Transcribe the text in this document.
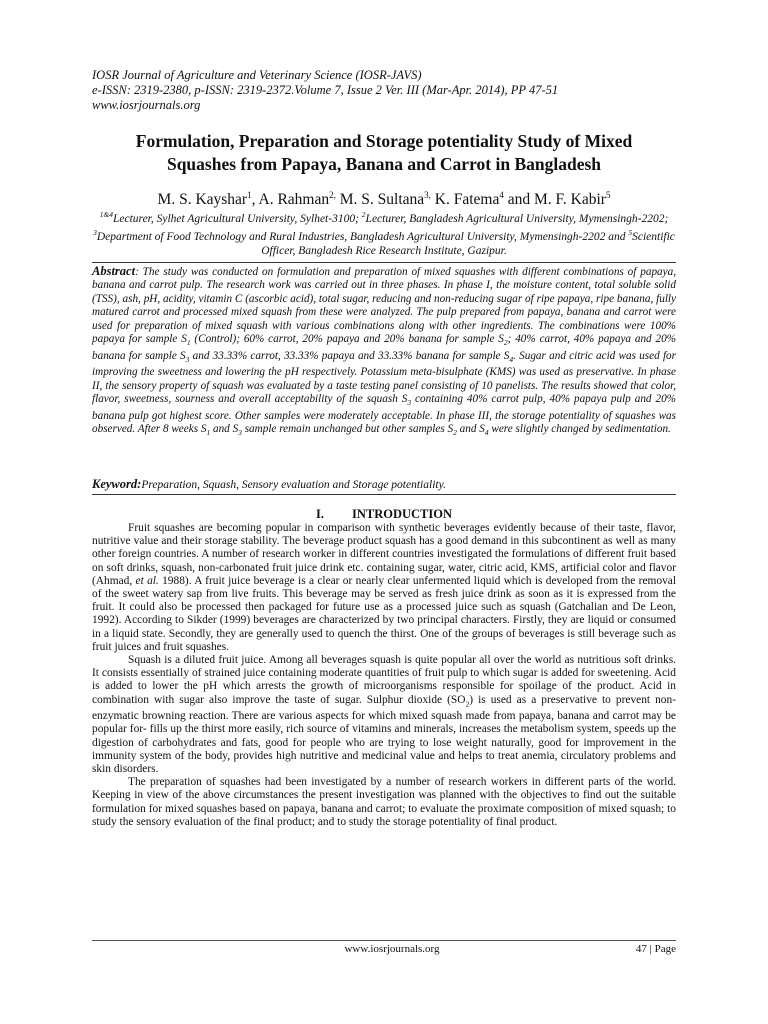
IOSR Journal of Agriculture and Veterinary Science (IOSR-JAVS)
e-ISSN: 2319-2380, p-ISSN: 2319-2372.Volume 7, Issue 2 Ver. III (Mar-Apr. 2014), PP 47-51
www.iosrjournals.org
Formulation, Preparation and Storage potentiality Study of Mixed
Squashes from Papaya, Banana and Carrot in Bangladesh
M. S. Kayshar$^1$, A. Rahman$^{2,}$ M. S. Sultana$^{3,}$ K. Fatema$^4$ and M. F. Kabir$^5$
$^{1\&4}$Lecturer, Sylhet Agricultural University, Sylhet-3100; $^2$Lecturer, Bangladesh Agricultural University, Mymensingh-2202; $^3$Department of Food Technology and Rural Industries, Bangladesh Agricultural University, Mymensingh-2202 and $^5$Scientific Officer, Bangladesh Rice Research Institute, Gazipur.
Abstract: The study was conducted on formulation and preparation of mixed squashes with different combinations of papaya, banana and carrot pulp. The research work was carried out in three phases. In phase I, the moisture content, total soluble solid (TSS), ash, pH, acidity, vitamin C (ascorbic acid), total sugar, reducing and non-reducing sugar of ripe papaya, ripe banana, fully matured carrot and processed mixed squash from these were analyzed. The pulp prepared from papaya, banana and carrot were used for preparation of mixed squash with various combinations along with other ingredients. The combinations were 100% papaya for sample $S_1$ (Control); 60% carrot, 20% papaya and 20% banana for sample $S_2$; 40% carrot, 40% papaya and 20% banana for sample $S_3$ and 33.33% carrot, 33.33% papaya and 33.33% banana for sample $S_4$. Sugar and citric acid was used for improving the sweetness and lowering the pH respectively. Potassium meta-bisulphate (KMS) was used as preservative. In phase II, the sensory property of squash was evaluated by a taste testing panel consisting of 10 panelists. The results showed that color, flavor, sweetness, sourness and overall acceptability of the squash $S_3$ containing 40% carrot pulp, 40% papaya pulp and 20% banana pulp got highest score. Other samples were moderately acceptable. In phase III, the storage potentiality of squashes was observed. After 8 weeks $S_1$ and $S_3$ sample remain unchanged but other samples $S_2$ and $S_4$ were slightly changed by sedimentation.
Keyword:Preparation, Squash, Sensory evaluation and Storage potentiality.
I. INTRODUCTION

Fruit squashes are becoming popular in comparison with synthetic beverages evidently because of their taste, flavor, nutritive value and their storage stability. The beverage product squash has a good demand in this subcontinent as well as many other foreign countries. A number of research worker in different countries investigated the formulations of different fruit based on soft drinks, squash, non-carbonated fruit juice drink etc. containing sugar, water, citric acid, KMS, artificial color and flavor (Ahmad, et al. 1988). A fruit juice beverage is a clear or nearly clear unfermented liquid which is developed from the removal of the sweet watery sap from live fruits. This beverage may be served as fresh juice drink as soon as it is expressed from the fruit. It could also be processed then packaged for future use as a processed juice such as squash (Gatchalian and De Leon, 1992). According to Sikder (1999) beverages are characterized by two principal characters. Firstly, they are liquid or consumed in a liquid state. Secondly, they are generally used to quench the thirst. One of the groups of beverages is still beverage such as fruit juices and fruit squashes.

Squash is a diluted fruit juice. Among all beverages squash is quite popular all over the world as nutritious soft drinks. It consists essentially of strained juice containing moderate quantities of fruit pulp to which sugar is added for sweetening. Acid is added to lower the pH which arrests the growth of microorganisms responsible for spoilage of the product. Acid in combination with sugar also improve the taste of sugar. Sulphur dioxide $(SO_2)$ is used as a preservative to prevent non-enzymatic browning reaction. There are various aspects for which mixed squash made from papaya, banana and carrot may be popular for- fills up the thirst more easily, rich source of vitamins and minerals, increases the metabolism system, speeds up the digestion of carbohydrates and fats, good for people who are trying to lose weight naturally, good for improvement in the immunity system of the body, provides high nutritive and medicinal value and helps to treat anemia, circulatory problems and skin disorders.

The preparation of squashes had been investigated by a number of research workers in different parts of the world. Keeping in view of the above circumstances the present investigation was planned with the objectives to find out the suitable formulation for mixed squashes based on papaya, banana and carrot; to evaluate the proximate composition of mixed squash; to study the sensory evaluation of the final product; and to study the storage potentiality of final product.

www.iosrjournals.org	47 | Page
